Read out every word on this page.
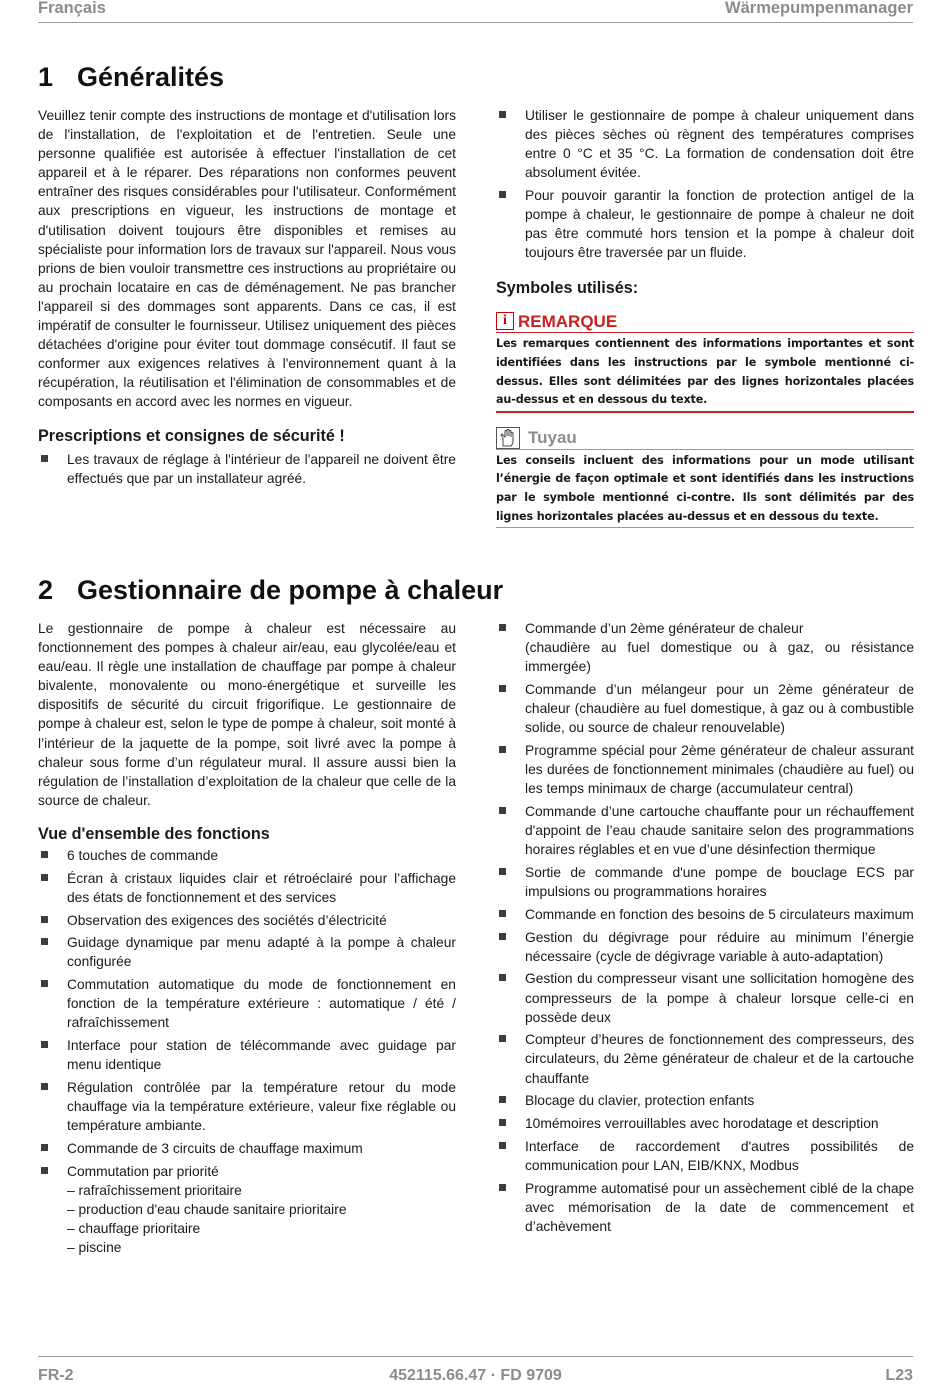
Français	Wärmepumpenmanager
1 Généralités

Veuillez tenir compte des instructions de montage et d'utilisation lors de l'installation, de l'exploitation et de l'entretien. Seule une personne qualifiée est autorisée à effectuer l'installation de cet appareil et à le réparer. Des réparations non conformes peuvent entraîner des risques considérables pour l'utilisateur. Conformément aux prescriptions en vigueur, les instructions de montage et d'utilisation doivent toujours être disponibles et remises au spécialiste pour information lors de travaux sur l'appareil. Nous vous prions de bien vouloir transmettre ces instructions au propriétaire ou au prochain locataire en cas de déménagement. Ne pas brancher l'appareil si des dommages sont apparents. Dans ce cas, il est impératif de consulter le fournisseur. Utilisez uniquement des pièces détachées d'origine pour éviter tout dommage consécutif. Il faut se conformer aux exigences relatives à l'environnement quant à la récupération, la réutilisation et l'élimination de consommables et de composants en accord avec les normes en vigueur.

Prescriptions et consignes de sécurité !
Les travaux de réglage à l'intérieur de l'appareil ne doivent être effectués que par un installateur agréé.
Utiliser le gestionnaire de pompe à chaleur uniquement dans des pièces sèches où règnent des températures comprises entre 0 °C et 35 °C. La formation de condensation doit être absolument évitée.
Pour pouvoir garantir la fonction de protection antigel de la pompe à chaleur, le gestionnaire de pompe à chaleur ne doit pas être commuté hors tension et la pompe à chaleur doit toujours être traversée par un fluide.
Symboles utilisés:
i REMARQUE
Les remarques contiennent des informations importantes et sont identifiées dans les instructions par le symbole mentionné ci-dessus. Elles sont délimitées par des lignes horizontales placées au-dessus et en dessous du texte.
Tuyau
Les conseils incluent des informations pour un mode utilisant l’énergie de façon optimale et sont identifiés dans les instructions par le symbole mentionné ci-contre. Ils sont délimités par des lignes horizontales placées au-dessus et en dessous du texte.
2 Gestionnaire de pompe à chaleur

Le gestionnaire de pompe à chaleur est nécessaire au fonctionnement des pompes à chaleur air/eau, eau glycolée/eau et eau/eau. Il règle une installation de chauffage par pompe à chaleur bivalente, monovalente ou mono-énergétique et surveille les dispositifs de sécurité du circuit frigorifique. Le gestionnaire de pompe à chaleur est, selon le type de pompe à chaleur, soit monté à l’intérieur de la jaquette de la pompe, soit livré avec la pompe à chaleur sous forme d’un régulateur mural. Il assure aussi bien la régulation de l’installation d’exploitation de la chaleur que celle de la source de chaleur.

Vue d'ensemble des fonctions
6 touches de commande
Écran à cristaux liquides clair et rétroéclairé pour l’affichage des états de fonctionnement et des services
Observation des exigences des sociétés d’électricité
Guidage dynamique par menu adapté à la pompe à chaleur configurée
Commutation automatique du mode de fonctionnement en fonction de la température extérieure : automatique / été / rafraîchissement
Interface pour station de télécommande avec guidage par menu identique
Régulation contrôlée par la température retour du mode chauffage via la température extérieure, valeur fixe réglable ou température ambiante.
Commande de 3 circuits de chauffage maximum
Commutation par priorité
– rafraîchissement prioritaire
– production d'eau chaude sanitaire prioritaire
– chauffage prioritaire
– piscine
Commande d’un 2ème générateur de chaleur
(chaudière au fuel domestique ou à gaz, ou résistance immergée)
Commande d’un mélangeur pour un 2ème générateur de chaleur (chaudière au fuel domestique, à gaz ou à combustible solide, ou source de chaleur renouvelable)
Programme spécial pour 2ème générateur de chaleur assurant les durées de fonctionnement minimales (chaudière au fuel) ou les temps minimaux de charge (accumulateur central)
Commande d’une cartouche chauffante pour un réchauffement d'appoint de l’eau chaude sanitaire selon des programmations horaires réglables et en vue d’une désinfection thermique
Sortie de commande d'une pompe de bouclage ECS par impulsions ou programmations horaires
Commande en fonction des besoins de 5 circulateurs maximum
Gestion du dégivrage pour réduire au minimum l’énergie nécessaire (cycle de dégivrage variable à auto-adaptation)
Gestion du compresseur visant une sollicitation homogène des compresseurs de la pompe à chaleur lorsque celle-ci en possède deux
Compteur d’heures de fonctionnement des compresseurs, des circulateurs, du 2ème générateur de chaleur et de la cartouche chauffante
Blocage du clavier, protection enfants
10mémoires verrouillables avec horodatage et description
Interface de raccordement d'autres possibilités de communication pour LAN, EIB/KNX, Modbus
Programme automatisé pour un assèchement ciblé de la chape avec mémorisation de la date de commencement et d’achèvement
FR-2	452115.66.47 · FD 9709	L23
